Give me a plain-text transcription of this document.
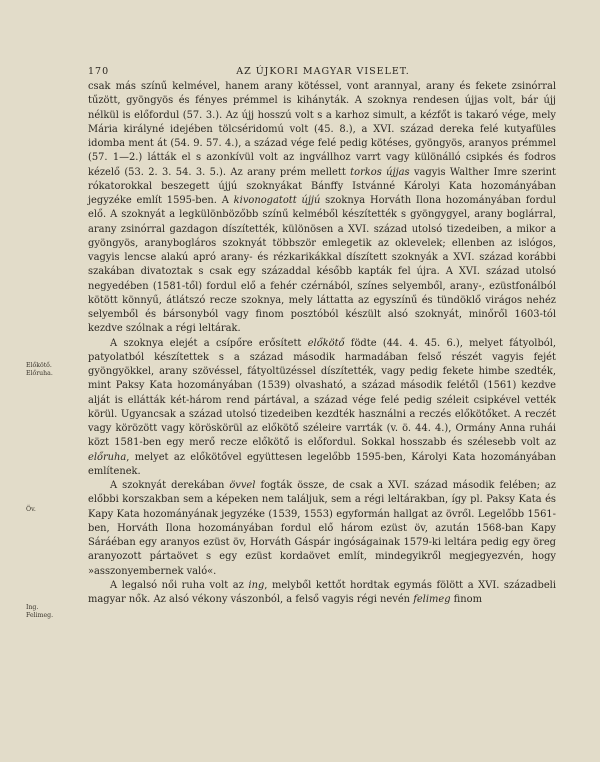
170	AZ ÚJKORI MAGYAR VISELET.
Előkötő.
Előruha.
Öv.
Ing.
Felimeg.

csak más színű kelmével, hanem arany kötéssel, vont arannyal, arany és fekete zsinórral tűzött, gyöngyös és fényes prémmel is kihányták. A szoknya rendesen újjas volt, bár újj nélkül is előfordul (57. 3.). Az újj hosszú volt s a karhoz simult, a kézfőt is takaró vége, mely Mária királyné idejében tölcséridomú volt (45. 8.), a XVI. század derekа felé kutyafüles idomba ment át (54. 9. 57. 4.), a század vége felé pedig kötéses, gyöngyös, aranyos prémmel (57. 1—2.) látták el s azonkívül volt az ingvállhoz varrt vagy különálló csipkés és fodros kézelő (53. 2. 3. 54. 3. 5.). Az arany prém mellett torkos újjas vagyis Walther Imre szerint rókatorokkal beszegett újjú szoknyákat Bánffy Istvánné Károlyi Kata hozományában jegyzéke említ 1595-ben. A kivonogatott újjú szoknya Horváth Ilona hozományában fordul elő. A szoknyát a legkülönbözőbb színű kelméből készítették s gyöngygyel, arany boglárral, arany zsinórral gazdagon díszítették, különösen a XVI. század utolsó tizedeiben, a mikor a gyöngyös, aranyboglárоs szoknyát többször emlegetik az oklevelek; ellenben az islógos, vagyis lencse alakú apró arany- és rézkarikákkal díszített szoknyák a XVI. század korábbi szakában divatoztak s csak egy századdal később kapták fel újra. A XVI. század utolsó negyedében (1581-től) fordul elő a fehér czérnából, színes selyemből, arany-, ezüstfonálból kötött könnyű, átlátszó recze szoknya, mely láttatta az egyszínű és tündöklő virágos nehéz selyemből és bársonyból vagy finom posztóból készült alsó szoknyát, minőről 1603-tól kezdve szólnak a régi leltárak.

A szoknya elejét a csípőre erősített előkötő födte (44. 4. 45. 6.), melyet fátyolból, patyolatból készítettek s a század második harmadában felső részét vagyis fejét gyöngyökkel, arany szövéssel, fátyoltüzéssel díszítették, vagy pedig fekete himbe szedték, mint Paksy Kata hozományában (1539) olvasható, a század második felétől (1561) kezdve alját is ellátták két-három rend pártával, a század vége felé pedig széleit csipkével vették körül. Ugyancsak a század utolsó tizedeiben kezdték használni a reczés előkötőket. A reczét vagy körözött vagy köröskörül az előkötő széleire varrták (v. ö. 44. 4.), Ormány Anna ruhái közt 1581-ben egy merő recze előkötő is előfordul. Sokkal hosszabb és szélesebb volt az előruha, melyet az előkötővel együttesen legelőbb 1595-ben, Károlyi Kata hozományában említenek.

A szoknyát derekában övvel fogták össze, de csak a XVI. század második felében; az előbbi korszakban sem a képeken nem találjuk, sem a régi leltárakban, így pl. Paksy Kata és Kapy Kata hozományának jegyzéke (1539, 1553) egyformán hallgat az övről. Legelőbb 1561-ben, Horváth Ilona hozományában fordul elő három ezüst öv, azután 1568-ban Kapy Sáráéban egy aranyos ezüst öv, Horváth Gáspár ingóságainak 1579-ki leltára pedig egy öreg aranyozott pártaövet s egy ezüst kordaövet említ, mindegyikről megjegyezvén, hogy »asszonyembernek való«.

A legalsó női ruha volt az ing, melyből kettőt hordtak egymás fölött a XVI. századbeli magyar nők. Az alsó vékony vászonból, a felső vagyis régi nevén felimeg finom
